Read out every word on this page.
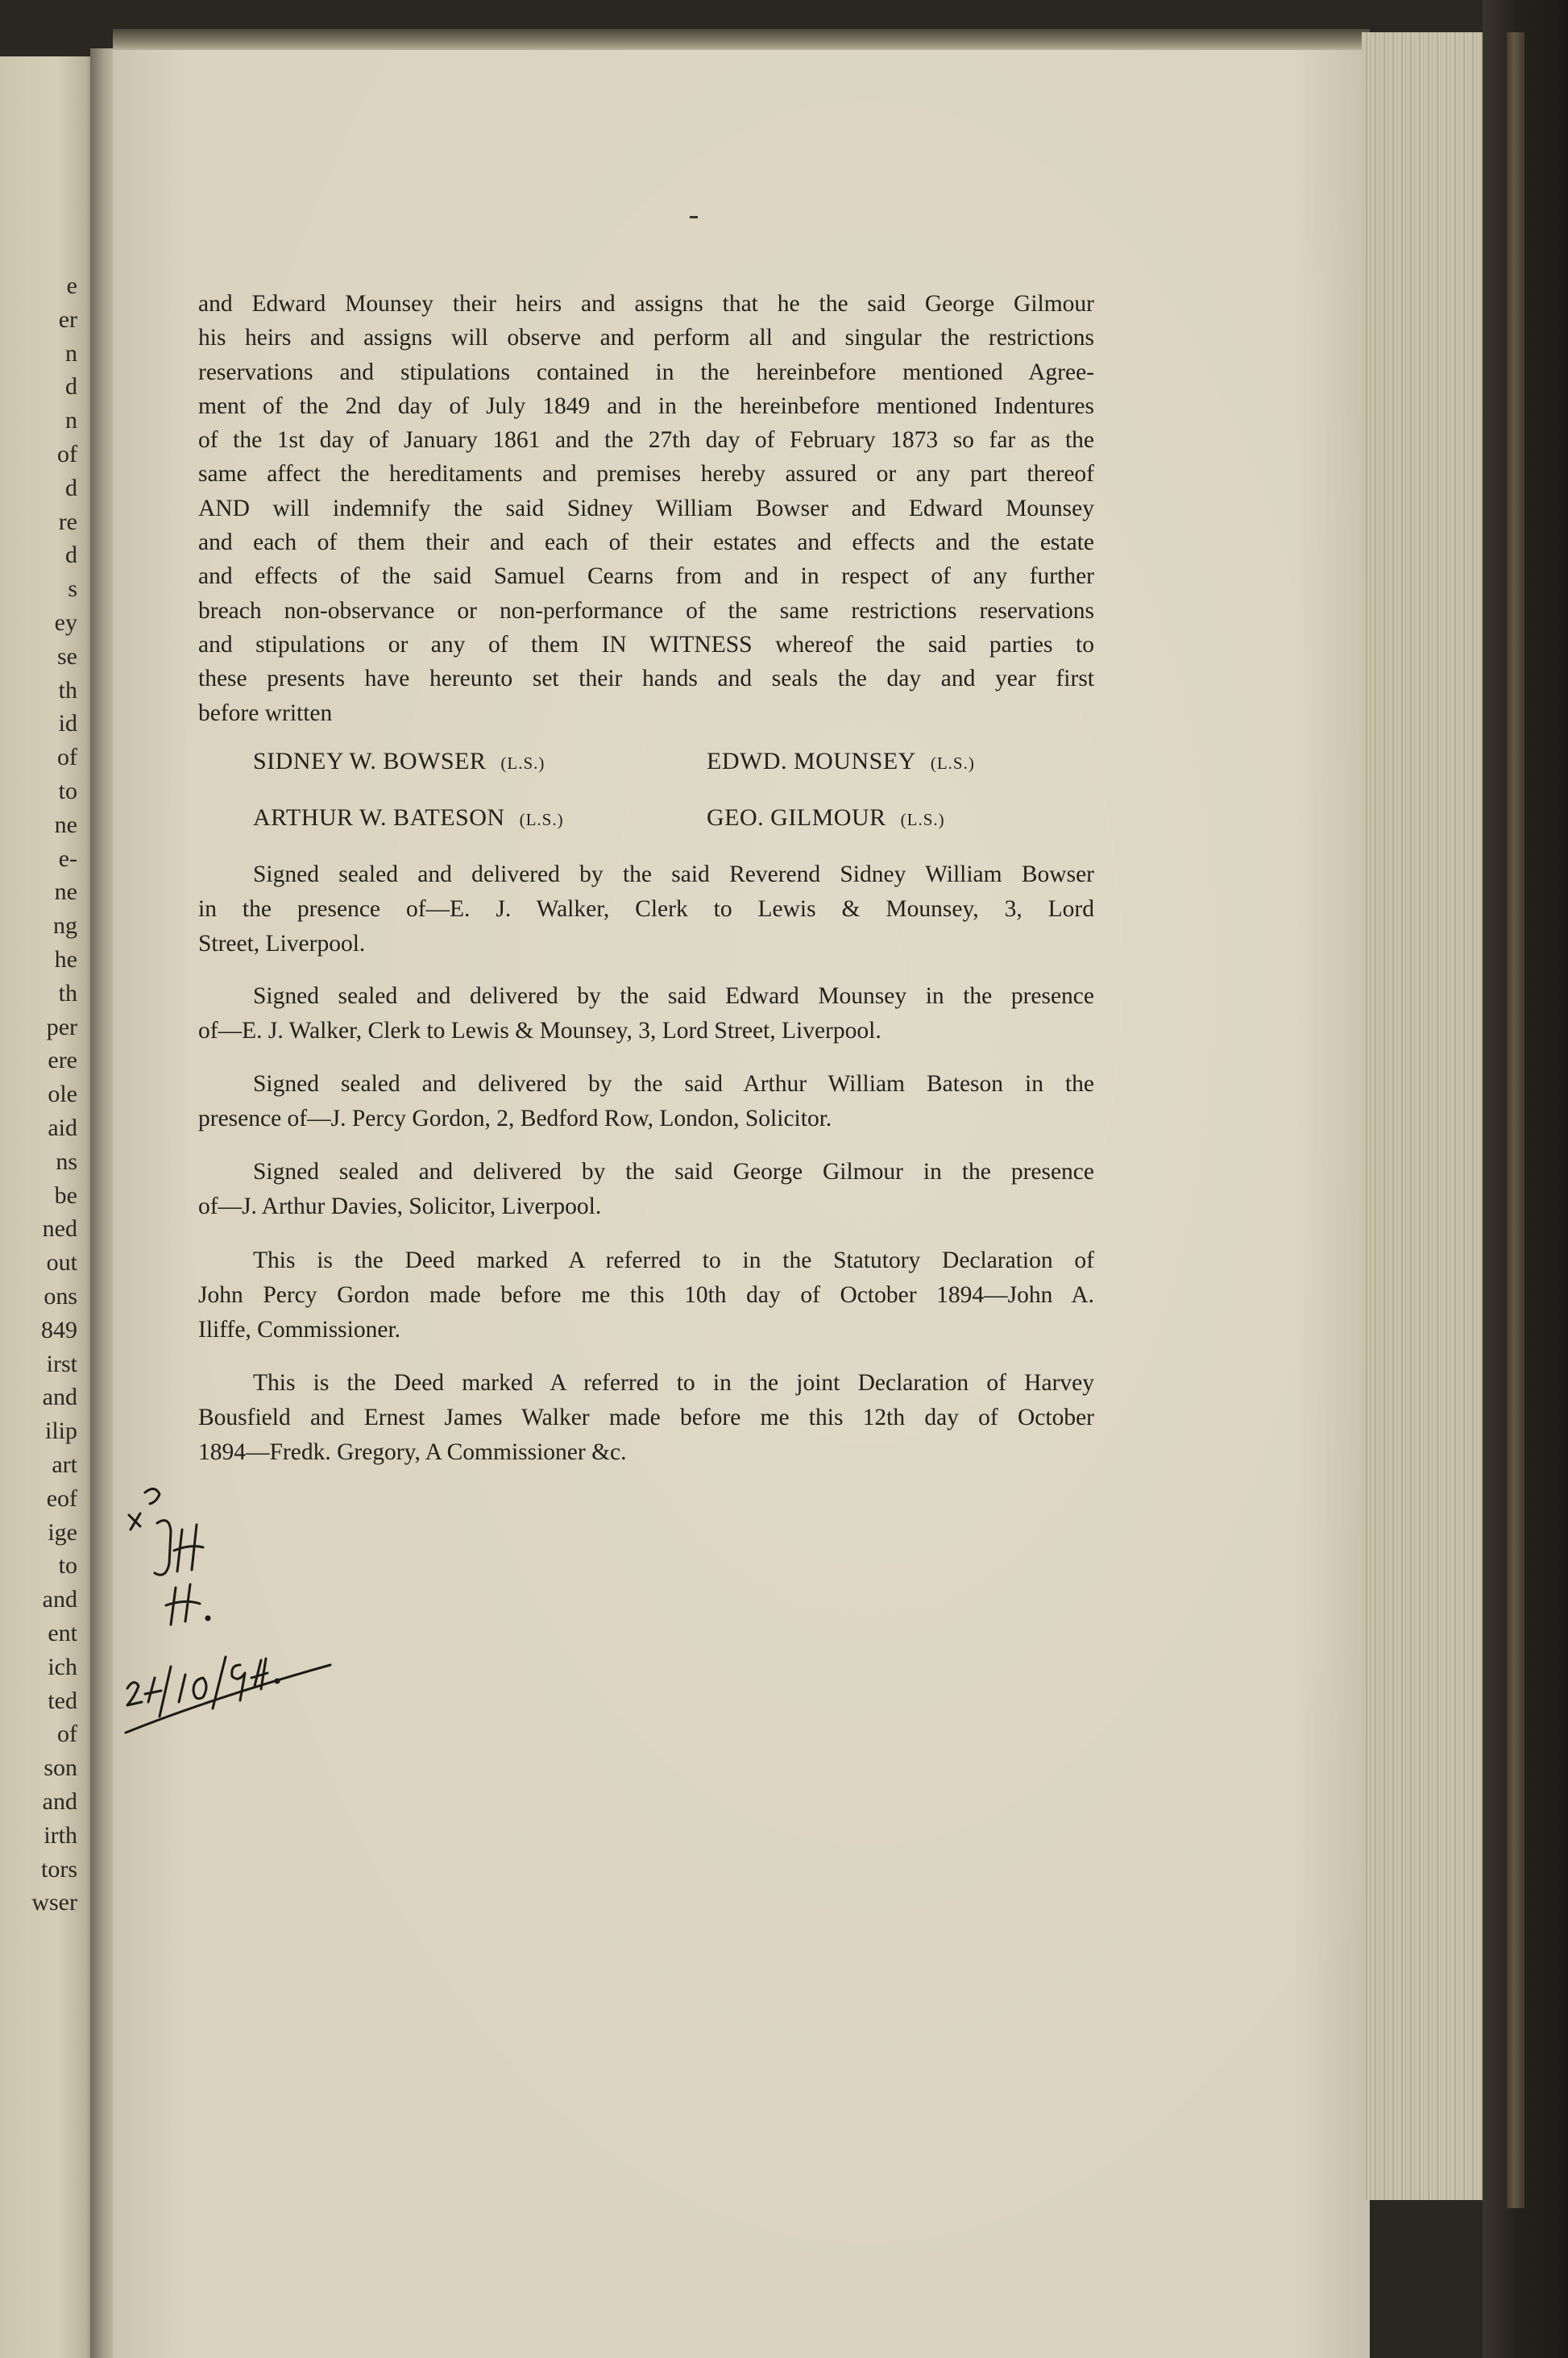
e
er
n
d
n
of
d
re
d
s
ey
se
th
id
of
to
ne
e-
ne
ng
he
th
per
ere
ole
aid
ns
be
ned
out
ons
849
irst
and
ilip
art
eof
ige
to
and
ent
ich
ted
of
son
and
irth
tors
wser
and Edward Mounsey their heirs and assigns that he the said George Gilmour
his heirs and assigns will observe and perform all and singular the restrictions
reservations and stipulations contained in the hereinbefore mentioned Agree-
ment of the 2nd day of July 1849 and in the hereinbefore mentioned Indentures
of the 1st day of January 1861 and the 27th day of February 1873 so far as the
same affect the hereditaments and premises hereby assured or any part thereof
AND will indemnify the said Sidney William Bowser and Edward Mounsey
and each of them their and each of their estates and effects and the estate
and effects of the said Samuel Cearns from and in respect of any further
breach non-observance or non-performance of the same restrictions reservations
and stipulations or any of them IN WITNESS whereof the said parties to
these presents have hereunto set their hands and seals the day and year first
before written
SIDNEY W. BOWSER (L.S.)	EDWD. MOUNSEY (L.S.)
ARTHUR W. BATESON (L.S.)	GEO. GILMOUR (L.S.)
Signed sealed and delivered by the said Reverend Sidney William Bowser
in the presence of—E. J. Walker, Clerk to Lewis & Mounsey, 3, Lord
Street, Liverpool.
Signed sealed and delivered by the said Edward Mounsey in the presence
of—E. J. Walker, Clerk to Lewis & Mounsey, 3, Lord Street, Liverpool.
Signed sealed and delivered by the said Arthur William Bateson in the
presence of—J. Percy Gordon, 2, Bedford Row, London, Solicitor.
Signed sealed and delivered by the said George Gilmour in the presence
of—J. Arthur Davies, Solicitor, Liverpool.
This is the Deed marked A referred to in the Statutory Declaration of
John Percy Gordon made before me this 10th day of October 1894—John A.
Iliffe, Commissioner.
This is the Deed marked A referred to in the joint Declaration of Harvey
Bousfield and Ernest James Walker made before me this 12th day of October
1894—Fredk. Gregory, A Commissioner &c.
